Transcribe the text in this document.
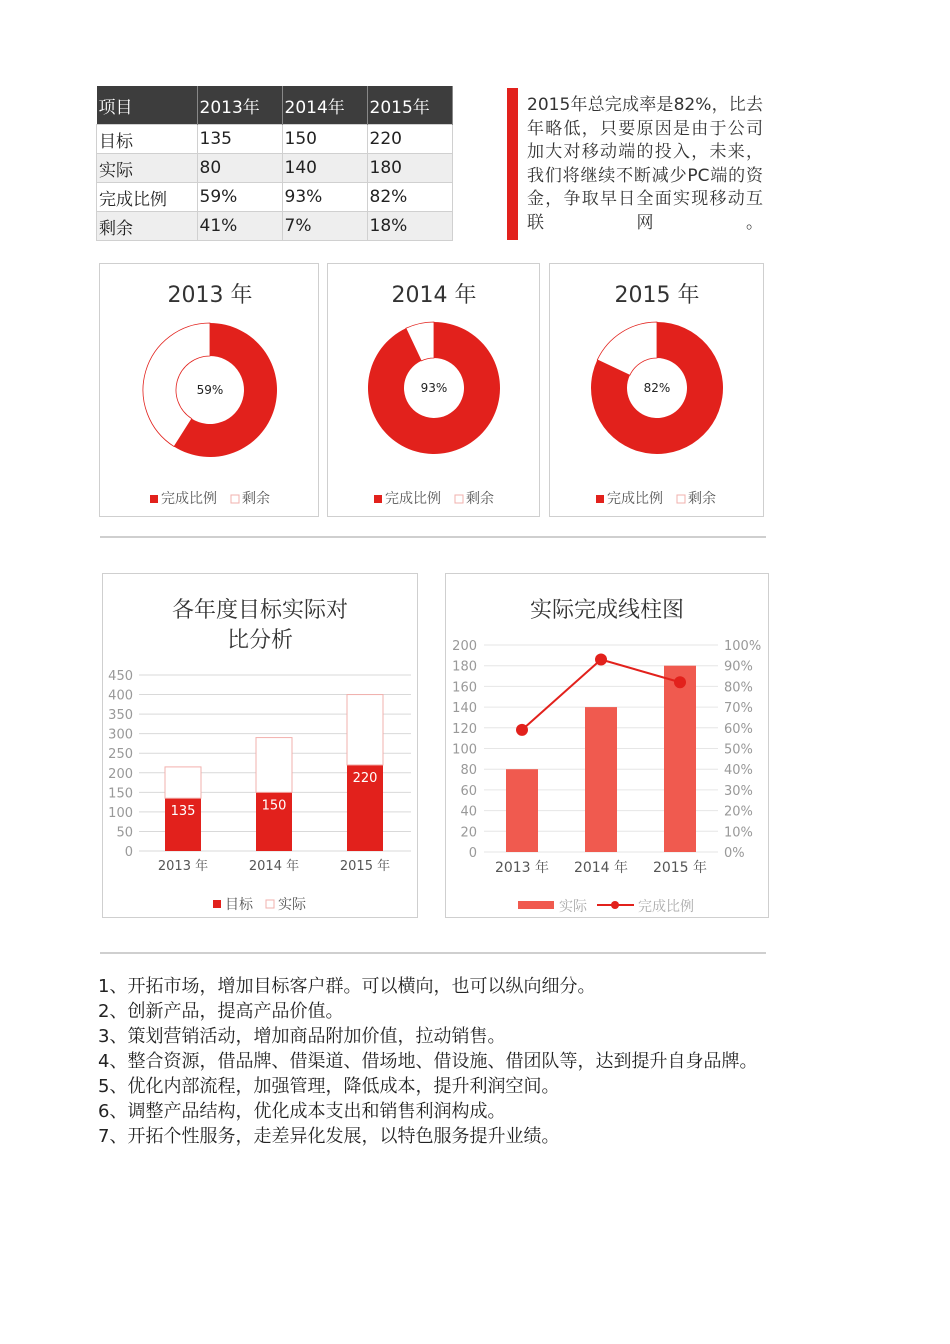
项目	2013年	2014年	2015年
目标	135	150	220
实际	80	140	180
完成比例	59%	93%	82%
剩余	41%	7%	18%
2015年总完成率是82%，比去年略低，只要原因是由于公司加大对移动端的投入，未来，我们将继续不断减少PC端的资金，争取早日全面实现移动互联网。
2013 年
59%
完成比例 剩余
2014 年
93%
完成比例 剩余
2015 年
82%
完成比例 剩余
各年度目标实际对
比分析
0
50
100
150
200
250
300
350
400
450
135
2013 年
150
2014 年
220
2015 年
目标 实际
实际完成线柱图
0	0%
20	10%
40	20%
60	30%
80	40%
100	50%
120	60%
140	70%
160	80%
180	90%
200	100%
2013 年 2014 年 2015 年
实际	完成比例
1、开拓市场，增加目标客户群。可以横向，也可以纵向细分。
2、创新产品，提高产品价值。
3、策划营销活动，增加商品附加价值，拉动销售。
4、整合资源，借品牌、借渠道、借场地、借设施、借团队等，达到提升自身品牌。
5、优化内部流程，加强管理，降低成本，提升利润空间。
6、调整产品结构，优化成本支出和销售利润构成。
7、开拓个性服务，走差异化发展，以特色服务提升业绩。
